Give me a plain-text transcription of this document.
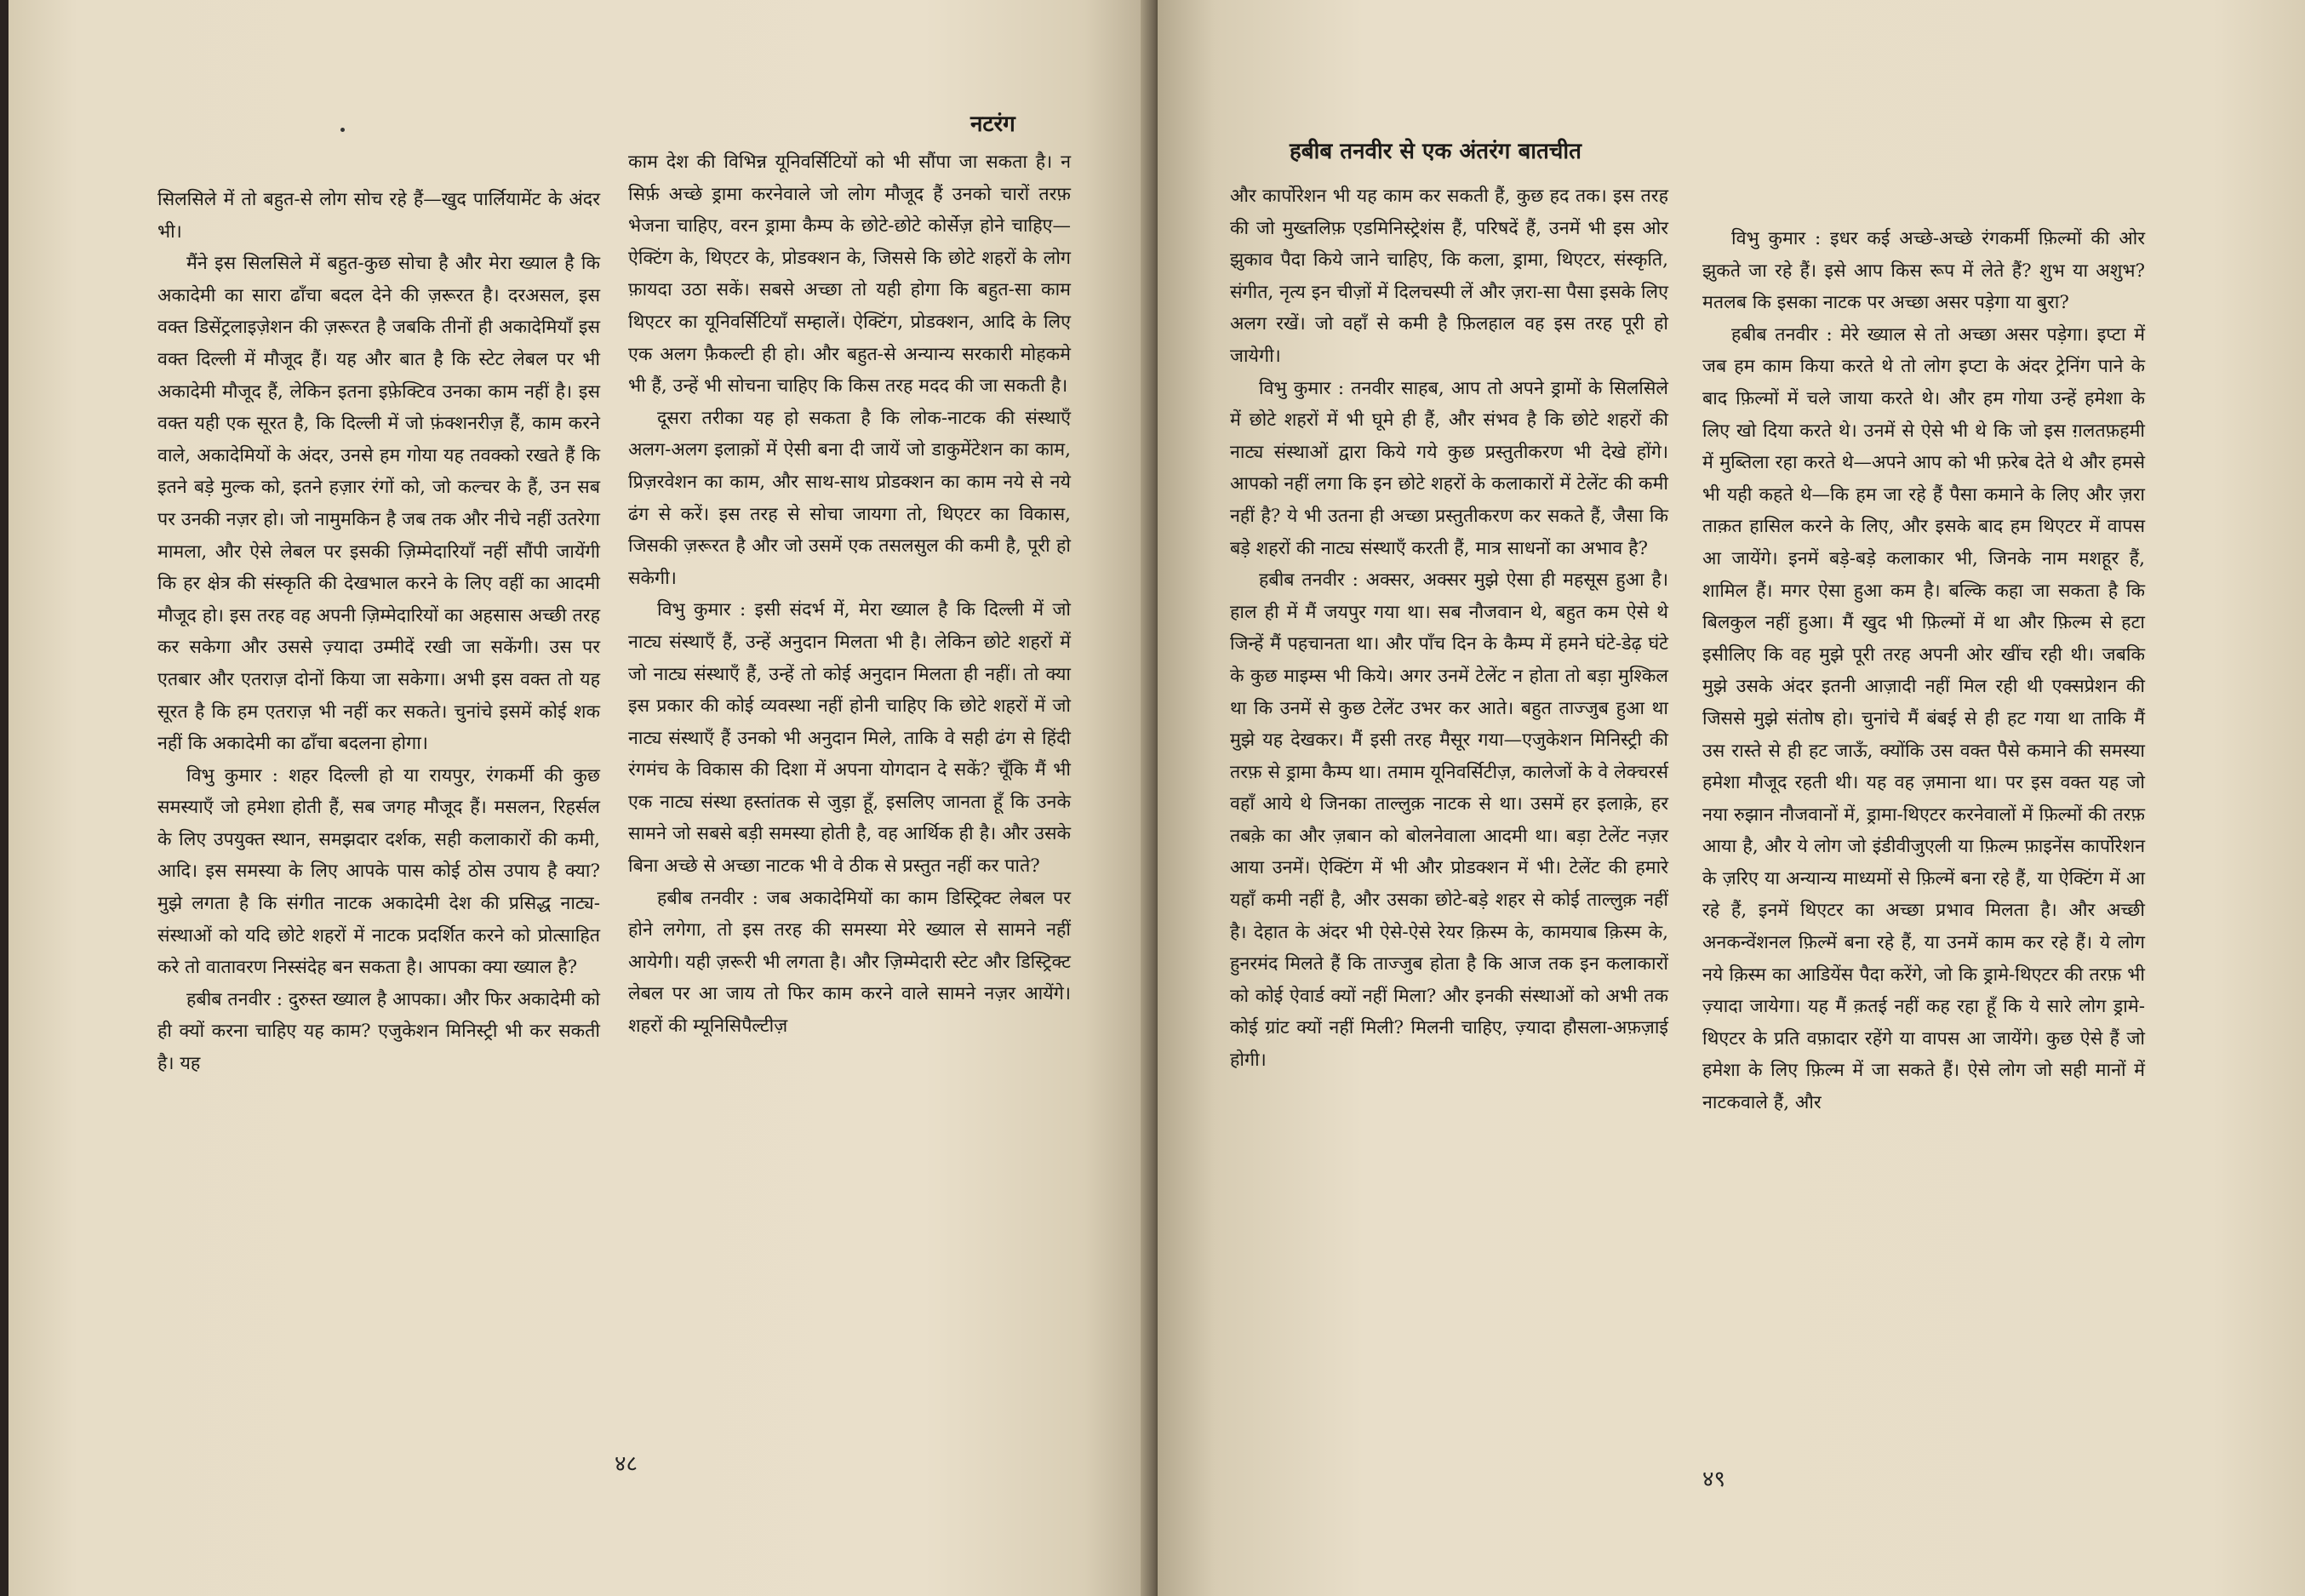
नटरंग

सिलसिले में तो बहुत-से लोग सोच रहे हैं—खुद पार्लियामेंट के अंदर भी।

मैंने इस सिलसिले में बहुत-कुछ सोचा है और मेरा ख्याल है कि अकादेमी का सारा ढाँचा बदल देने की ज़रूरत है। दरअसल, इस वक्त डिसेंट्रलाइज़ेशन की ज़रूरत है जबकि तीनों ही अकादेमियाँ इस वक्त दिल्ली में मौजूद हैं। यह और बात है कि स्टेट लेबल पर भी अकादेमी मौजूद हैं, लेकिन इतना इफ़ेक्टिव उनका काम नहीं है। इस वक्त यही एक सूरत है, कि दिल्ली में जो फ़ंक्शनरीज़ हैं, काम करने वाले, अकादेमियों के अंदर, उनसे हम गोया यह तवक्को रखते हैं कि इतने बड़े मुल्क को, इतने हज़ार रंगों को, जो कल्चर के हैं, उन सब पर उनकी नज़र हो। जो नामुमकिन है जब तक और नीचे नहीं उतरेगा मामला, और ऐसे लेबल पर इसकी ज़िम्मेदारियाँ नहीं सौंपी जायेंगी कि हर क्षेत्र की संस्कृति की देखभाल करने के लिए वहीं का आदमी मौजूद हो। इस तरह वह अपनी ज़िम्मेदारियों का अहसास अच्छी तरह कर सकेगा और उससे ज़्यादा उम्मीदें रखी जा सकेंगी। उस पर एतबार और एतराज़ दोनों किया जा सकेगा। अभी इस वक्त तो यह सूरत है कि हम एतराज़ भी नहीं कर सकते। चुनांचे इसमें कोई शक नहीं कि अकादेमी का ढाँचा बदलना होगा।

विभु कुमार : शहर दिल्ली हो या रायपुर, रंगकर्मी की कुछ समस्याएँ जो हमेशा होती हैं, सब जगह मौजूद हैं। मसलन, रिहर्सल के लिए उपयुक्त स्थान, समझदार दर्शक, सही कलाकारों की कमी, आदि। इस समस्या के लिए आपके पास कोई ठोस उपाय है क्या? मुझे लगता है कि संगीत नाटक अकादेमी देश की प्रसिद्ध नाट्य-संस्थाओं को यदि छोटे शहरों में नाटक प्रदर्शित करने को प्रोत्साहित करे तो वातावरण निस्संदेह बन सकता है। आपका क्या ख्याल है?

हबीब तनवीर : दुरुस्त ख्याल है आपका। और फिर अकादेमी को ही क्यों करना चाहिए यह काम? एजुकेशन मिनिस्ट्री भी कर सकती है। यह

काम देश की विभिन्न यूनिवर्सिटियों को भी सौंपा जा सकता है। न सिर्फ़ अच्छे ड्रामा करनेवाले जो लोग मौजूद हैं उनको चारों तरफ़ भेजना चाहिए, वरन ड्रामा कैम्प के छोटे-छोटे कोर्सेज़ होने चाहिए—ऐक्टिंग के, थिएटर के, प्रोडक्शन के, जिससे कि छोटे शहरों के लोग फ़ायदा उठा सकें। सबसे अच्छा तो यही होगा कि बहुत-सा काम थिएटर का यूनिवर्सिटियाँ सम्हालें। ऐक्टिंग, प्रोडक्शन, आदि के लिए एक अलग फ़ैकल्टी ही हो। और बहुत-से अन्यान्य सरकारी मोहकमे भी हैं, उन्हें भी सोचना चाहिए कि किस तरह मदद की जा सकती है।

दूसरा तरीका यह हो सकता है कि लोक-नाटक की संस्थाएँ अलग-अलग इलाक़ों में ऐसी बना दी जायें जो डाकुमेंटेशन का काम, प्रिज़रवेशन का काम, और साथ-साथ प्रोडक्शन का काम नये से नये ढंग से करें। इस तरह से सोचा जायगा तो, थिएटर का विकास, जिसकी ज़रूरत है और जो उसमें एक तसलसुल की कमी है, पूरी हो सकेगी।

विभु कुमार : इसी संदर्भ में, मेरा ख्याल है कि दिल्ली में जो नाट्य संस्थाएँ हैं, उन्हें अनुदान मिलता भी है। लेकिन छोटे शहरों में जो नाट्य संस्थाएँ हैं, उन्हें तो कोई अनुदान मिलता ही नहीं। तो क्या इस प्रकार की कोई व्यवस्था नहीं होनी चाहिए कि छोटे शहरों में जो नाट्य संस्थाएँ हैं उनको भी अनुदान मिले, ताकि वे सही ढंग से हिंदी रंगमंच के विकास की दिशा में अपना योगदान दे सकें? चूँकि मैं भी एक नाट्य संस्था हस्तांतक से जुड़ा हूँ, इसलिए जानता हूँ कि उनके सामने जो सबसे बड़ी समस्या होती है, वह आर्थिक ही है। और उसके बिना अच्छे से अच्छा नाटक भी वे ठीक से प्रस्तुत नहीं कर पाते?

हबीब तनवीर : जब अकादेमियों का काम डिस्ट्रिक्ट लेबल पर होने लगेगा, तो इस तरह की समस्या मेरे ख्याल से सामने नहीं आयेगी। यही ज़रूरी भी लगता है। और ज़िम्मेदारी स्टेट और डिस्ट्रिक्ट लेबल पर आ जाय तो फिर काम करने वाले सामने नज़र आयेंगे। शहरों की म्यूनिसिपैल्टीज़

४८
हबीब तनवीर से एक अंतरंग बातचीत

और कार्पोरेशन भी यह काम कर सकती हैं, कुछ हद तक। इस तरह की जो मुख्तलिफ़ एडमिनिस्ट्रेशंस हैं, परिषदें हैं, उनमें भी इस ओर झुकाव पैदा किये जाने चाहिए, कि कला, ड्रामा, थिएटर, संस्कृति, संगीत, नृत्य इन चीज़ों में दिलचस्पी लें और ज़रा-सा पैसा इसके लिए अलग रखें। जो वहाँ से कमी है फ़िलहाल वह इस तरह पूरी हो जायेगी।

विभु कुमार : तनवीर साहब, आप तो अपने ड्रामों के सिलसिले में छोटे शहरों में भी घूमे ही हैं, और संभव है कि छोटे शहरों की नाट्य संस्थाओं द्वारा किये गये कुछ प्रस्तुतीकरण भी देखे होंगे। आपको नहीं लगा कि इन छोटे शहरों के कलाकारों में टेलेंट की कमी नहीं है? ये भी उतना ही अच्छा प्रस्तुतीकरण कर सकते हैं, जैसा कि बड़े शहरों की नाट्य संस्थाएँ करती हैं, मात्र साधनों का अभाव है?

हबीब तनवीर : अक्सर, अक्सर मुझे ऐसा ही महसूस हुआ है। हाल ही में मैं जयपुर गया था। सब नौजवान थे, बहुत कम ऐसे थे जिन्हें मैं पहचानता था। और पाँच दिन के कैम्प में हमने घंटे-डेढ़ घंटे के कुछ माइम्स भी किये। अगर उनमें टेलेंट न होता तो बड़ा मुश्किल था कि उनमें से कुछ टेलेंट उभर कर आते। बहुत ताज्जुब हुआ था मुझे यह देखकर। मैं इसी तरह मैसूर गया—एजुकेशन मिनिस्ट्री की तरफ़ से ड्रामा कैम्प था। तमाम यूनिवर्सिटीज़, कालेजों के वे लेक्चरर्स वहाँ आये थे जिनका ताल्लुक़ नाटक से था। उसमें हर इलाक़े, हर तबक़े का और ज़बान को बोलनेवाला आदमी था। बड़ा टेलेंट नज़र आया उनमें। ऐक्टिंग में भी और प्रोडक्शन में भी। टेलेंट की हमारे यहाँ कमी नहीं है, और उसका छोटे-बड़े शहर से कोई ताल्लुक़ नहीं है। देहात के अंदर भी ऐसे-ऐसे रेयर क़िस्म के, कामयाब क़िस्म के, हुनरमंद मिलते हैं कि ताज्जुब होता है कि आज तक इन कलाकारों को कोई ऐवार्ड क्यों नहीं मिला? और इनकी संस्थाओं को अभी तक कोई ग्रांट क्यों नहीं मिली? मिलनी चाहिए, ज़्यादा हौसला-अफ़ज़ाई होगी।

विभु कुमार : इधर कई अच्छे-अच्छे रंगकर्मी फ़िल्मों की ओर झुकते जा रहे हैं। इसे आप किस रूप में लेते हैं? शुभ या अशुभ? मतलब कि इसका नाटक पर अच्छा असर पड़ेगा या बुरा?

हबीब तनवीर : मेरे ख्याल से तो अच्छा असर पड़ेगा। इप्टा में जब हम काम किया करते थे तो लोग इप्टा के अंदर ट्रेनिंग पाने के बाद फ़िल्मों में चले जाया करते थे। और हम गोया उन्हें हमेशा के लिए खो दिया करते थे। उनमें से ऐसे भी थे कि जो इस ग़लतफ़हमी में मुब्तिला रहा करते थे—अपने आप को भी फ़रेब देते थे और हमसे भी यही कहते थे—कि हम जा रहे हैं पैसा कमाने के लिए और ज़रा ताक़त हासिल करने के लिए, और इसके बाद हम थिएटर में वापस आ जायेंगे। इनमें बड़े-बड़े कलाकार भी, जिनके नाम मशहूर हैं, शामिल हैं। मगर ऐसा हुआ कम है। बल्कि कहा जा सकता है कि बिलकुल नहीं हुआ। मैं खुद भी फ़िल्मों में था और फ़िल्म से हटा इसीलिए कि वह मुझे पूरी तरह अपनी ओर खींच रही थी। जबकि मुझे उसके अंदर इतनी आज़ादी नहीं मिल रही थी एक्सप्रेशन की जिससे मुझे संतोष हो। चुनांचे मैं बंबई से ही हट गया था ताकि मैं उस रास्ते से ही हट जाऊँ, क्योंकि उस वक्त पैसे कमाने की समस्या हमेशा मौजूद रहती थी। यह वह ज़माना था। पर इस वक्त यह जो नया रुझान नौजवानों में, ड्रामा-थिएटर करनेवालों में फ़िल्मों की तरफ़ आया है, और ये लोग जो इंडीवीजुएली या फ़िल्म फ़ाइनेंस कार्पोरेशन के ज़रिए या अन्यान्य माध्यमों से फ़िल्में बना रहे हैं, या ऐक्टिंग में आ रहे हैं, इनमें थिएटर का अच्छा प्रभाव मिलता है। और अच्छी अनकन्वेंशनल फ़िल्में बना रहे हैं, या उनमें काम कर रहे हैं। ये लोग नये क़िस्म का आडियेंस पैदा करेंगे, जो कि ड्रामे-थिएटर की तरफ़ भी ज़्यादा जायेगा। यह मैं क़तई नहीं कह रहा हूँ कि ये सारे लोग ड्रामे-थिएटर के प्रति वफ़ादार रहेंगे या वापस आ जायेंगे। कुछ ऐसे हैं जो हमेशा के लिए फ़िल्म में जा सकते हैं। ऐसे लोग जो सही मानों में नाटकवाले हैं, और

४९
